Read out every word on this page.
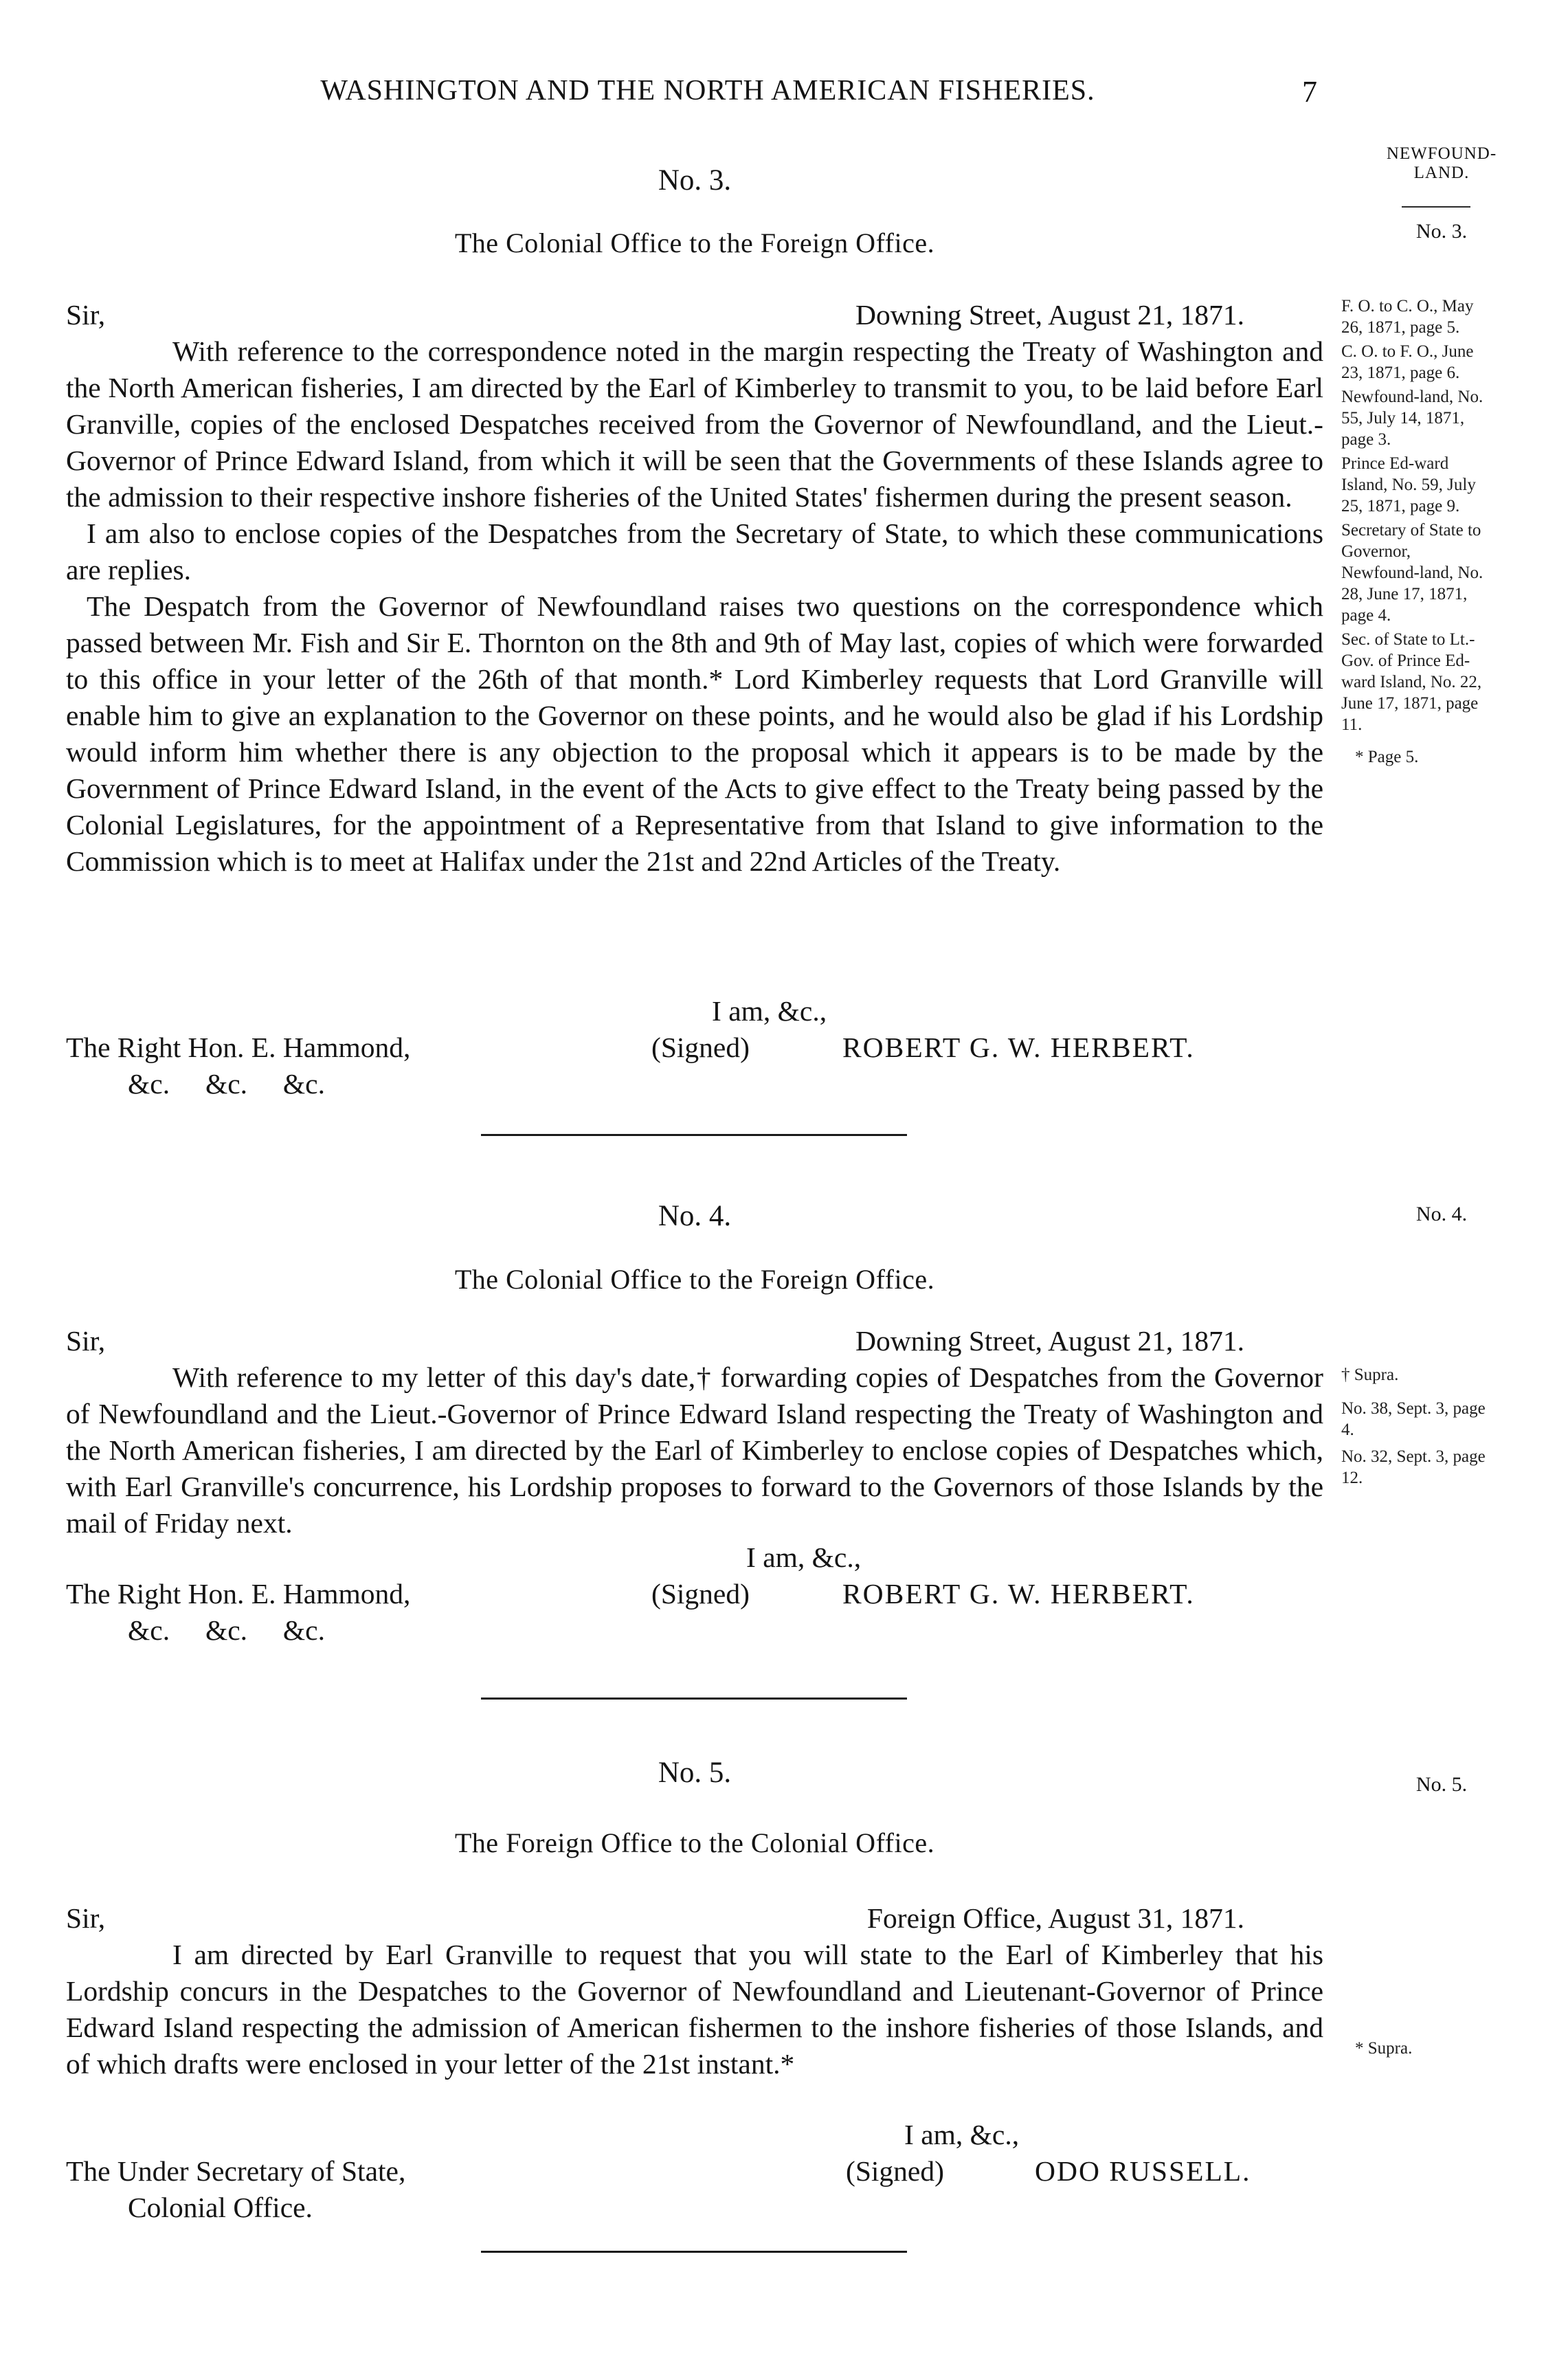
WASHINGTON AND THE NORTH AMERICAN FISHERIES.	7
NEWFOUND-
LAND.
No. 3.
No. 3.
The Colonial Office to the Foreign Office.
Sir,	Downing Street, August 21, 1871.

With reference to the correspondence noted in the margin respecting the Treaty of Washington and the North American fisheries, I am directed by the Earl of Kimberley to transmit to you, to be laid before Earl Granville, copies of the enclosed Despatches received from the Governor of Newfoundland, and the Lieut.-Governor of Prince Edward Island, from which it will be seen that the Governments of these Islands agree to the admission to their respective inshore fisheries of the United States' fishermen during the present season.

I am also to enclose copies of the Despatches from the Secretary of State, to which these communications are replies.

The Despatch from the Governor of Newfoundland raises two questions on the correspondence which passed between Mr. Fish and Sir E. Thornton on the 8th and 9th of May last, copies of which were forwarded to this office in your letter of the 26th of that month.* Lord Kimberley requests that Lord Granville will enable him to give an explanation to the Governor on these points, and he would also be glad if his Lordship would inform him whether there is any objection to the proposal which it appears is to be made by the Government of Prince Edward Island, in the event of the Acts to give effect to the Treaty being passed by the Colonial Legislatures, for the appointment of a Representative from that Island to give information to the Commission which is to meet at Halifax under the 21st and 22nd Articles of the Treaty.

I am, &c.,
The Right Hon. E. Hammond,	(Signed)	ROBERT G. W. HERBERT.
&c.     &c.     &c.
F. O. to C. O., May 26, 1871, page 5.
C. O. to F. O., June 23, 1871, page 6.
Newfound-land, No. 55, July 14, 1871, page 3.
Prince Ed-ward Island, No. 59, July 25, 1871, page 9.
Secretary of State to Governor, Newfound-land, No. 28, June 17, 1871, page 4.
Sec. of State to Lt.-Gov. of Prince Ed-ward Island, No. 22, June 17, 1871, page 11.
* Page 5.
No. 4.	No. 4.
The Colonial Office to the Foreign Office.
Sir,	Downing Street, August 21, 1871.

With reference to my letter of this day's date,† forwarding copies of Despatches from the Governor of Newfoundland and the Lieut.-Governor of Prince Edward Island respecting the Treaty of Washington and the North American fisheries, I am directed by the Earl of Kimberley to enclose copies of Despatches which, with Earl Granville's concurrence, his Lordship proposes to forward to the Governors of those Islands by the mail of Friday next.

I am, &c.,
The Right Hon. E. Hammond,	(Signed)	ROBERT G. W. HERBERT.
&c.     &c.     &c.
† Supra.
No. 38, Sept. 3, page 4.
No. 32, Sept. 3, page 12.
No. 5.	No. 5.
The Foreign Office to the Colonial Office.
Sir,	Foreign Office, August 31, 1871.

I am directed by Earl Granville to request that you will state to the Earl of Kimberley that his Lordship concurs in the Despatches to the Governor of Newfoundland and Lieutenant-Governor of Prince Edward Island respecting the admission of American fishermen to the inshore fisheries of those Islands, and of which drafts were enclosed in your letter of the 21st instant.*

I am, &c.,
The Under Secretary of State,	(Signed)	ODO RUSSELL.
Colonial Office.
* Supra.
